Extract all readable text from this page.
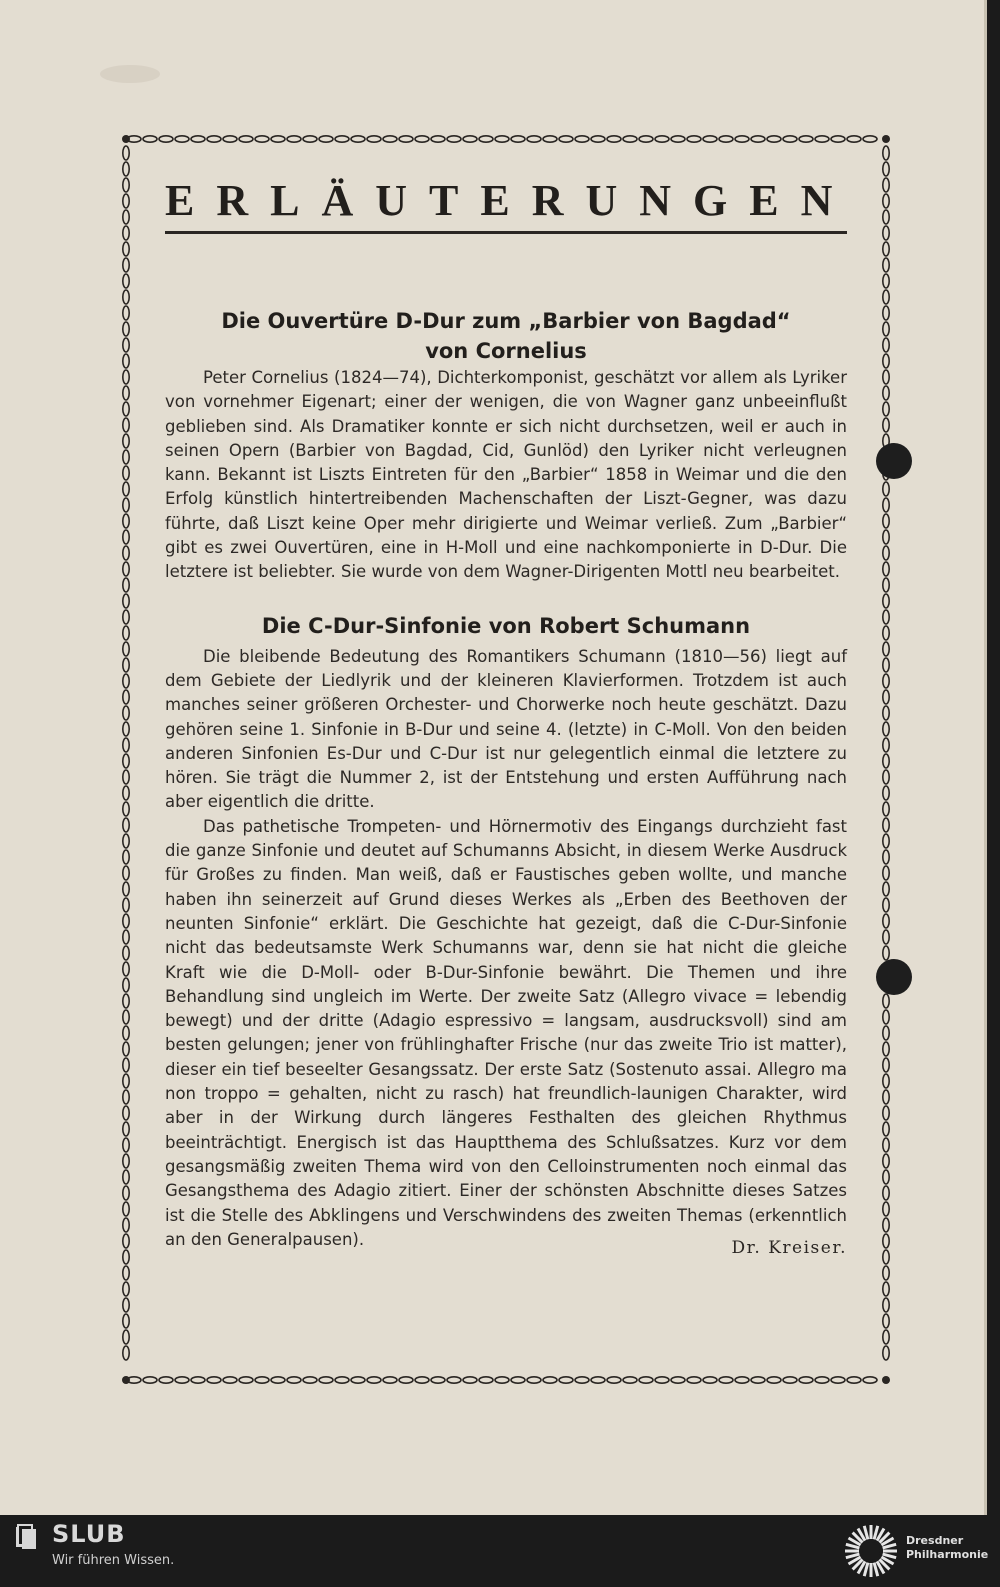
ERLÄUTERUNGEN

Die Ouvertüre D-Dur zum „Barbier von Bagdad“

von Cornelius

Peter Cornelius (1824—74), Dichterkomponist, geschätzt vor allem als Lyriker von vornehmer Eigenart; einer der wenigen, die von Wagner ganz unbeeinflußt geblieben sind. Als Dramatiker konnte er sich nicht durchsetzen, weil er auch in seinen Opern (Barbier von Bagdad, Cid, Gunlöd) den Lyriker nicht verleugnen kann. Bekannt ist Liszts Eintreten für den „Barbier“ 1858 in Weimar und die den Erfolg künstlich hintertreibenden Machenschaften der Liszt-Gegner, was dazu führte, daß Liszt keine Oper mehr dirigierte und Weimar verließ. Zum „Barbier“ gibt es zwei Ouvertüren, eine in H-Moll und eine nachkomponierte in D-Dur. Die letztere ist beliebter. Sie wurde von dem Wagner-Dirigenten Mottl neu bearbeitet.

Die C-Dur-Sinfonie von Robert Schumann

Die bleibende Bedeutung des Romantikers Schumann (1810—56) liegt auf dem Gebiete der Liedlyrik und der kleineren Klavierformen. Trotzdem ist auch manches seiner größeren Orchester- und Chorwerke noch heute geschätzt. Dazu gehören seine 1. Sinfonie in B-Dur und seine 4. (letzte) in C-Moll. Von den beiden anderen Sinfonien Es-Dur und C-Dur ist nur gelegentlich einmal die letztere zu hören. Sie trägt die Nummer 2, ist der Entstehung und ersten Aufführung nach aber eigentlich die dritte.

Das pathetische Trompeten- und Hörnermotiv des Eingangs durchzieht fast die ganze Sinfonie und deutet auf Schumanns Absicht, in diesem Werke Ausdruck für Großes zu finden. Man weiß, daß er Faustisches geben wollte, und manche haben ihn seinerzeit auf Grund dieses Werkes als „Erben des Beethoven der neunten Sinfonie“ erklärt. Die Geschichte hat gezeigt, daß die C-Dur-Sinfonie nicht das bedeutsamste Werk Schumanns war, denn sie hat nicht die gleiche Kraft wie die D-Moll- oder B-Dur-Sinfonie bewährt. Die Themen und ihre Behandlung sind ungleich im Werte. Der zweite Satz (Allegro vivace = lebendig bewegt) und der dritte (Adagio espressivo = langsam, ausdrucksvoll) sind am besten gelungen; jener von frühlinghafter Frische (nur das zweite Trio ist matter), dieser ein tief beseelter Gesangssatz. Der erste Satz (Sostenuto assai. Allegro ma non troppo = gehalten, nicht zu rasch) hat freundlich-launigen Charakter, wird aber in der Wirkung durch längeres Festhalten des gleichen Rhythmus beeinträchtigt. Energisch ist das Hauptthema des Schlußsatzes. Kurz vor dem gesangsmäßig zweiten Thema wird von den Celloinstrumenten noch einmal das Gesangsthema des Adagio zitiert. Einer der schönsten Abschnitte dieses Satzes ist die Stelle des Abklingens und Verschwindens des zweiten Themas (erkenntlich an den Generalpausen).	Dr. Kreiser.
SLUB
Wir führen Wissen.
Dresdner
Philharmonie
